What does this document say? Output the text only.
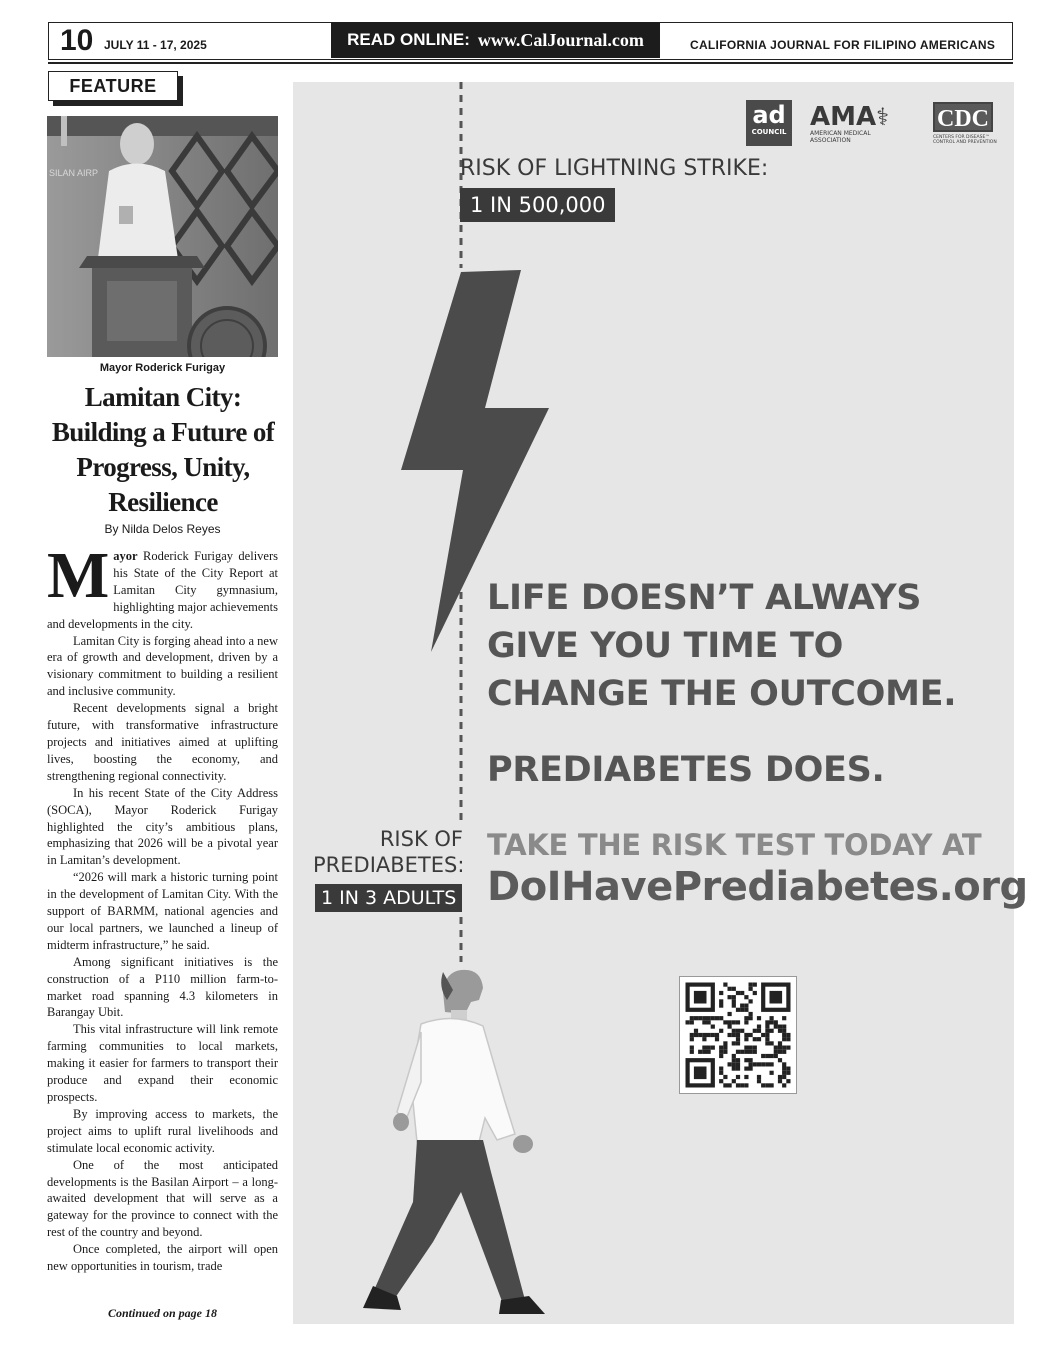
10 JULY 11 - 17, 2025	READ ONLINE: www.CalJournal.com	CALIFORNIA JOURNAL FOR FILIPINO AMERICANS
FEATURE
SILAN AIRP
Mayor Roderick Furigay
Lamitan City: Building a Future of Progress, Unity, Resilience
By Nilda Delos Reyes

Mayor Roderick Furigay delivers his State of the City Report at Lamitan City gymnasium, highlighting major achievements and developments in the city.

Lamitan City is forging ahead into a new era of growth and development, driven by a visionary commitment to building a resilient and inclusive community.

Recent developments signal a bright future, with transformative infrastructure projects and initiatives aimed at uplifting lives, boosting the economy, and strengthening regional connectivity.

In his recent State of the City Address (SOCA), Mayor Roderick Furigay highlighted the city’s ambitious plans, emphasizing that 2026 will be a pivotal year in Lamitan’s development.

“2026 will mark a historic turning point in the development of Lamitan City. With the support of BARMM, national agencies and our local partners, we launched a lineup of midterm infrastructure,” he said.

Among significant initiatives is the construction of a P110 million farm-to-market road spanning 4.3 kilometers in Barangay Ubit.

This vital infrastructure will link remote farming communities to local markets, making it easier for farmers to transport their produce and expand their economic prospects.

By improving access to markets, the project aims to uplift rural livelihoods and stimulate local economic activity.

One of the most anticipated developments is the Basilan Airport – a long-awaited development that will serve as a gateway for the province to connect with the rest of the country and beyond.

Once completed, the airport will open new opportunities in tourism, trade

Continued on page 18
ad
COUNCIL AMA⚕
AMERICAN MEDICAL
ASSOCIATION
CDC
CENTERS FOR DISEASE™
CONTROL AND PREVENTION
RISK OF LIGHTNING STRIKE:
1 IN 500,000
LIFE DOESN’T ALWAYS
GIVE YOU TIME TO
CHANGE THE OUTCOME.
PREDIABETES DOES.
TAKE THE RISK TEST TODAY AT
DoIHavePrediabetes.org
RISK OF
PREDIABETES:
1 IN 3 ADULTS
